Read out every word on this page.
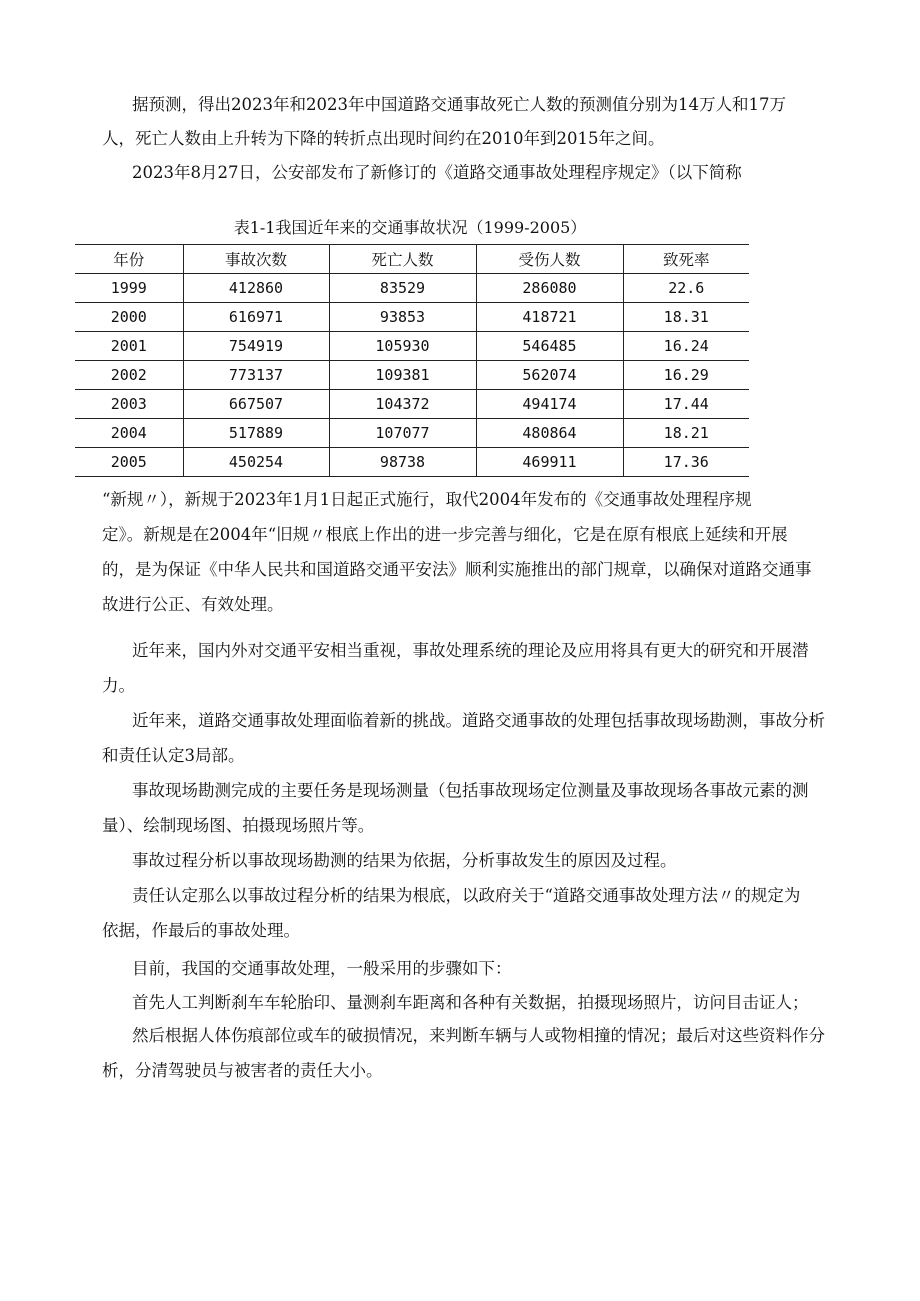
据预测，得出2023年和2023年中国道路交通事故死亡人数的预测值分别为14万人和17万
人，死亡人数由上升转为下降的转折点出现时间约在2010年到2015年之间。
2023年8月27日，公安部发布了新修订的《道路交通事故处理程序规定》（以下简称
表1-1我国近年来的交通事故状况（1999-2005）
年份	事故次数	死亡人数	受伤人数	致死率
1999	412860	83529	286080	22.6
2000	616971	93853	418721	18.31
2001	754919	105930	546485	16.24
2002	773137	109381	562074	16.29
2003	667507	104372	494174	17.44
2004	517889	107077	480864	18.21
2005	450254	98738	469911	17.36
“新规〃），新规于2023年1月1日起正式施行，取代2004年发布的《交通事故处理程序规
定》。新规是在2004年“旧规〃根底上作出的进一步完善与细化，它是在原有根底上延续和开展
的，是为保证《中华人民共和国道路交通平安法》顺利实施推出的部门规章，以确保对道路交通事
故进行公正、有效处理。
近年来，国内外对交通平安相当重视，事故处理系统的理论及应用将具有更大的研究和开展潜
力。
近年来，道路交通事故处理面临着新的挑战。道路交通事故的处理包括事故现场勘测，事故分析
和责任认定3局部。
事故现场勘测完成的主要任务是现场测量（包括事故现场定位测量及事故现场各事故元素的测
量）、绘制现场图、拍摄现场照片等。
事故过程分析以事故现场勘测的结果为依据，分析事故发生的原因及过程。
责任认定那么以事故过程分析的结果为根底，以政府关于“道路交通事故处理方法〃的规定为
依据，作最后的事故处理。
目前，我国的交通事故处理，一般采用的步骤如下：
首先人工判断刹车车轮胎印、量测刹车距离和各种有关数据，拍摄现场照片，访问目击证人；
然后根据人体伤痕部位或车的破损情况，来判断车辆与人或物相撞的情况；最后对这些资料作分
析，分清驾驶员与被害者的责任大小。
